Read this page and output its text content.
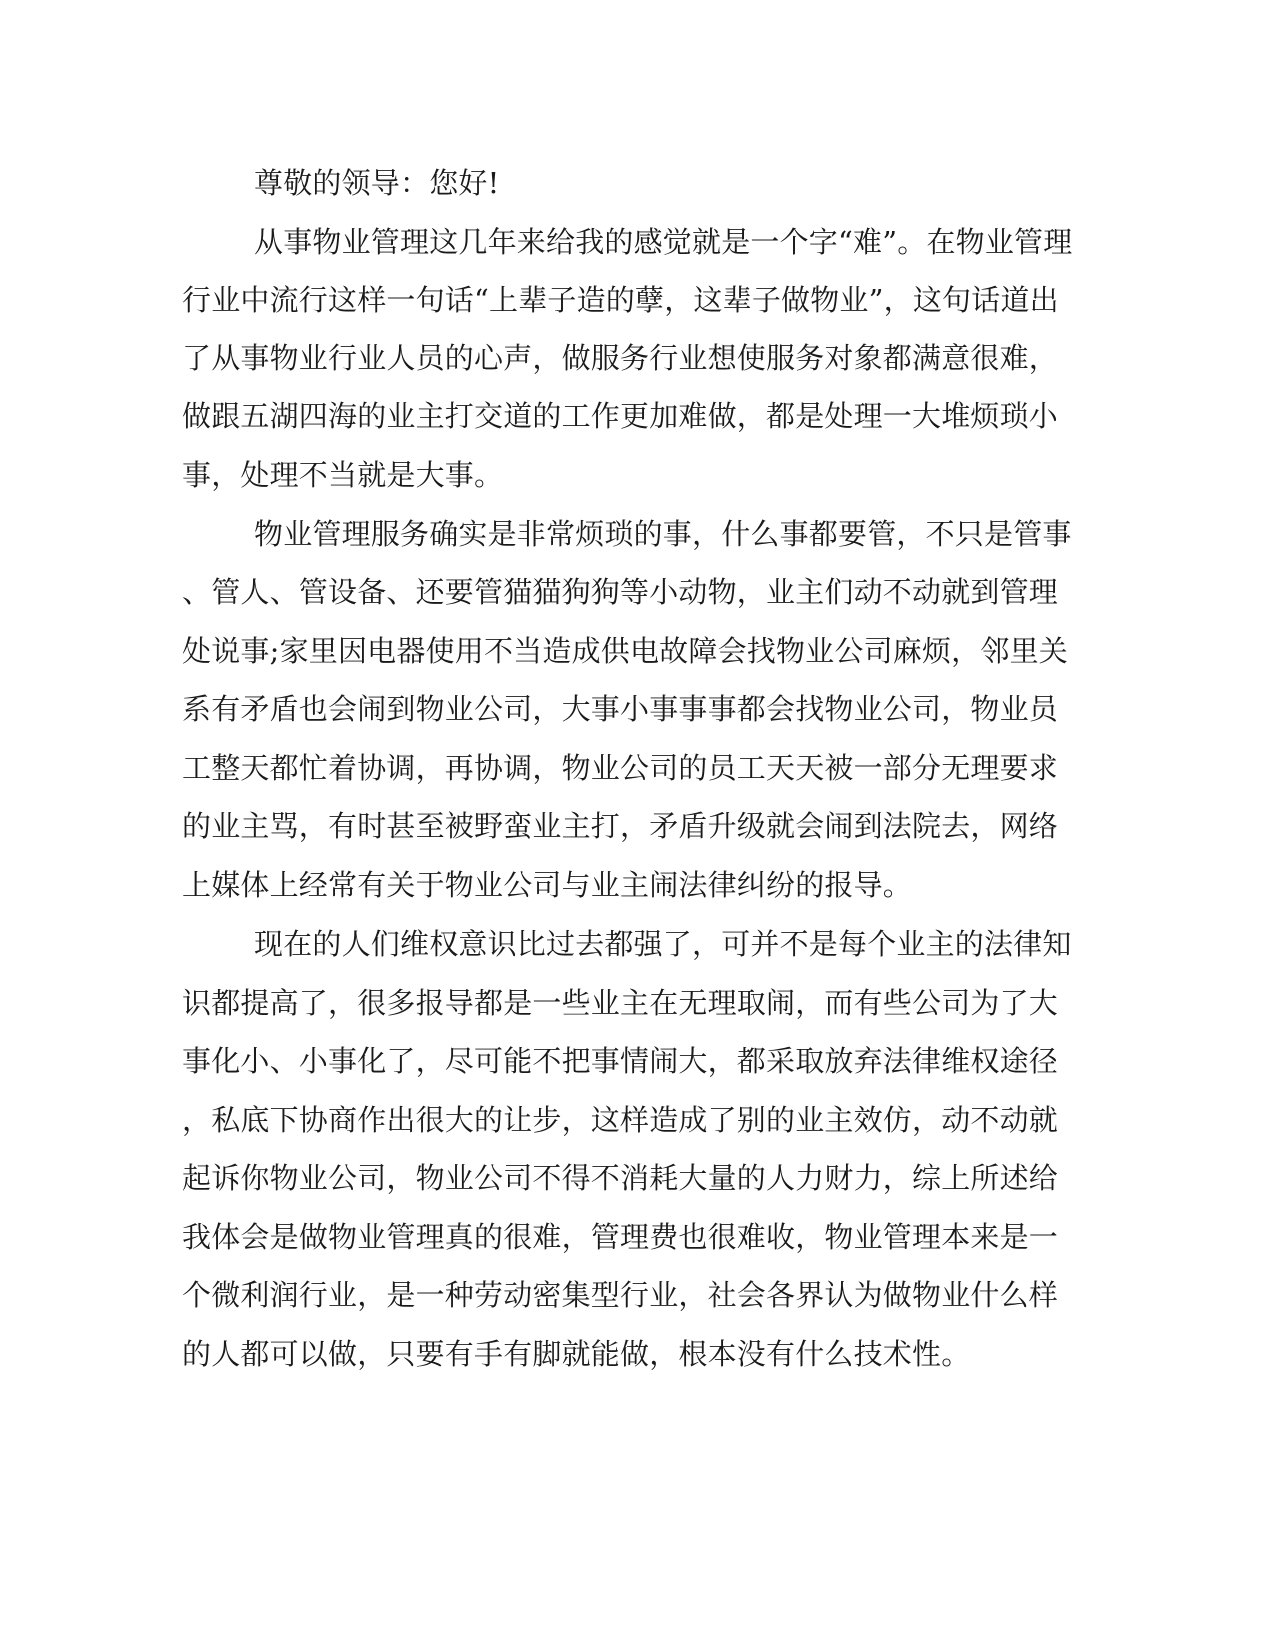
尊敬的领导：您好!
从事物业管理这几年来给我的感觉就是一个字“难”。在物业管理
行业中流行这样一句话“上辈子造的孽，这辈子做物业”，这句话道出
了从事物业行业人员的心声，做服务行业想使服务对象都满意很难，
做跟五湖四海的业主打交道的工作更加难做，都是处理一大堆烦琐小
事，处理不当就是大事。
物业管理服务确实是非常烦琐的事，什么事都要管，不只是管事
、管人、管设备、还要管猫猫狗狗等小动物，业主们动不动就到管理
处说事;家里因电器使用不当造成供电故障会找物业公司麻烦，邻里关
系有矛盾也会闹到物业公司，大事小事事事都会找物业公司，物业员
工整天都忙着协调，再协调，物业公司的员工天天被一部分无理要求
的业主骂，有时甚至被野蛮业主打，矛盾升级就会闹到法院去，网络
上媒体上经常有关于物业公司与业主闹法律纠纷的报导。
现在的人们维权意识比过去都强了，可并不是每个业主的法律知
识都提高了，很多报导都是一些业主在无理取闹，而有些公司为了大
事化小、小事化了，尽可能不把事情闹大，都采取放弃法律维权途径
，私底下协商作出很大的让步，这样造成了别的业主效仿，动不动就
起诉你物业公司，物业公司不得不消耗大量的人力财力，综上所述给
我体会是做物业管理真的很难，管理费也很难收，物业管理本来是一
个微利润行业，是一种劳动密集型行业，社会各界认为做物业什么样
的人都可以做，只要有手有脚就能做，根本没有什么技术性。
